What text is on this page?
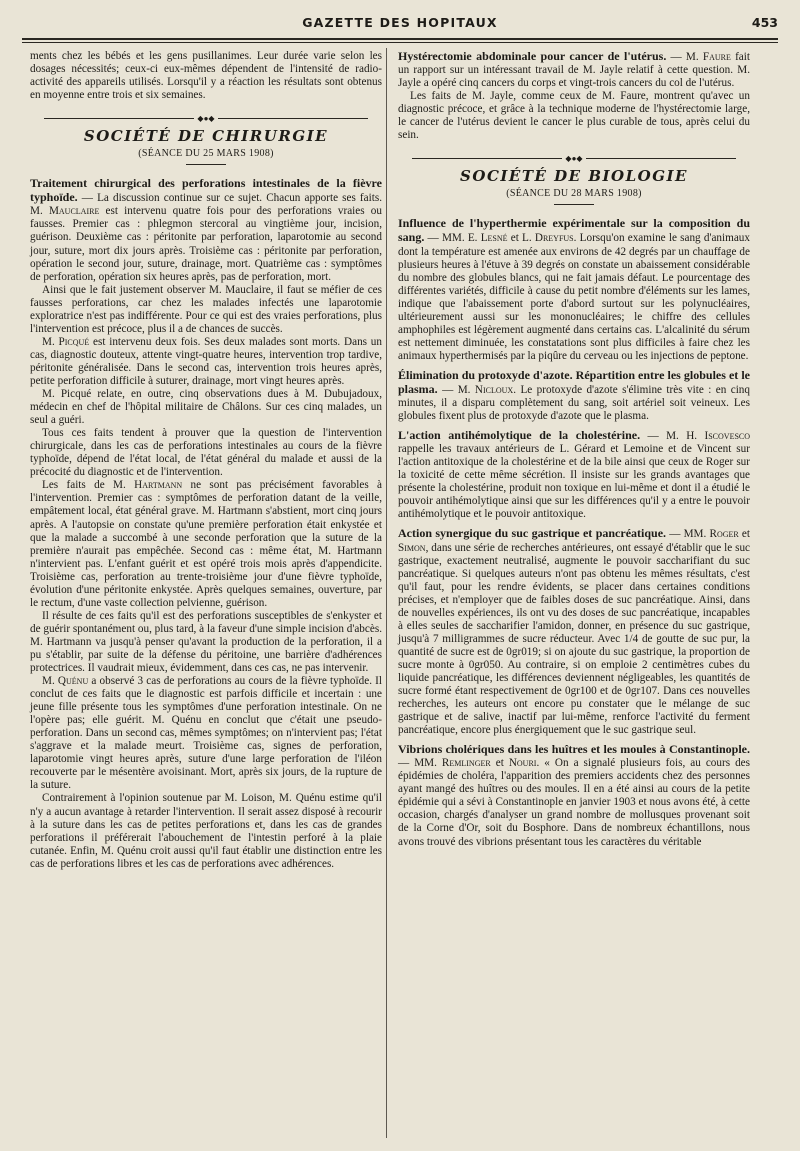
GAZETTE DES HOPITAUX	453

ments chez les bébés et les gens pusillanimes. Leur durée varie selon les dosages nécessités; ceux-ci eux-mêmes dépendent de l'intensité de radio-activité des appareils utilisés. Lorsqu'il y a réaction les résultats sont obtenus en moyenne entre trois et six semaines.

◆●◆
SOCIÉTÉ DE CHIRURGIE
(SÉANCE DU 25 MARS 1908)

Traitement chirurgical des perforations intestinales de la fièvre typhoïde. — La discussion continue sur ce sujet. Chacun apporte ses faits. M. Mauclaire est intervenu quatre fois pour des perforations vraies ou fausses. Premier cas : phlegmon stercoral au vingtième jour, incision, guérison. Deuxième cas : péritonite par perforation, laparotomie au second jour, suture, mort dix jours après. Troisième cas : péritonite par perforation, opération le second jour, suture, drainage, mort. Quatrième cas : symptômes de perforation, opération six heures après, pas de perforation, mort.

Ainsi que le fait justement observer M. Mauclaire, il faut se méfier de ces fausses perforations, car chez les malades infectés une laparotomie exploratrice n'est pas indifférente. Pour ce qui est des vraies perforations, plus l'intervention est précoce, plus il a de chances de succès.

M. Picqué est intervenu deux fois. Ses deux malades sont morts. Dans un cas, diagnostic douteux, attente vingt-quatre heures, intervention trop tardive, péritonite généralisée. Dans le second cas, intervention trois heures après, petite perforation difficile à suturer, drainage, mort vingt heures après.

M. Picqué relate, en outre, cinq observations dues à M. Dubujadoux, médecin en chef de l'hôpital militaire de Châlons. Sur ces cinq malades, un seul a guéri.

Tous ces faits tendent à prouver que la question de l'intervention chirurgicale, dans les cas de perforations intestinales au cours de la fièvre typhoïde, dépend de l'état local, de l'état général du malade et aussi de la précocité du diagnostic et de l'intervention.

Les faits de M. Hartmann ne sont pas précisément favorables à l'intervention. Premier cas : symptômes de perforation datant de la veille, empâtement local, état général grave. M. Hartmann s'abstient, mort cinq jours après. A l'autopsie on constate qu'une première perforation était enkystée et que la malade a succombé à une seconde perforation que la suture de la première n'aurait pas empêchée. Second cas : même état, M. Hartmann n'intervient pas. L'enfant guérit et est opéré trois mois après d'appendicite. Troisième cas, perforation au trente-troisième jour d'une fièvre typhoïde, évolution d'une péritonite enkystée. Après quelques semaines, ouverture, par le rectum, d'une vaste collection pelvienne, guérison.

Il résulte de ces faits qu'il est des perforations susceptibles de s'enkyster et de guérir spontanément ou, plus tard, à la faveur d'une simple incision d'abcès. M. Hartmann va jusqu'à penser qu'avant la production de la perforation, il a pu s'établir, par suite de la défense du péritoine, une barrière d'adhérences protectrices. Il vaudrait mieux, évidemment, dans ces cas, ne pas intervenir.

M. Quénu a observé 3 cas de perforations au cours de la fièvre typhoïde. Il conclut de ces faits que le diagnostic est parfois difficile et incertain : une jeune fille présente tous les symptômes d'une perforation intestinale. On ne l'opère pas; elle guérit. M. Quénu en conclut que c'était une pseudo-perforation. Dans un second cas, mêmes symptômes; on n'intervient pas; l'état s'aggrave et la malade meurt. Troisième cas, signes de perforation, laparotomie vingt heures après, suture d'une large perforation de l'iléon recouverte par le mésentère avoisinant. Mort, après six jours, de la rupture de la suture.

Contrairement à l'opinion soutenue par M. Loison, M. Quénu estime qu'il n'y a aucun avantage à retarder l'intervention. Il serait assez disposé à recourir à la suture dans les cas de petites perforations et, dans les cas de grandes perforations il préférerait l'abouchement de l'intestin perforé à la plaie cutanée. Enfin, M. Quénu croit aussi qu'il faut établir une distinction entre les cas de perforations libres et les cas de perforations avec adhérences.

Hystérectomie abdominale pour cancer de l'utérus. — M. Faure fait un rapport sur un intéressant travail de M. Jayle relatif à cette question. M. Jayle a opéré cinq cancers du corps et vingt-trois cancers du col de l'utérus.

Les faits de M. Jayle, comme ceux de M. Faure, montrent qu'avec un diagnostic précoce, et grâce à la technique moderne de l'hystérectomie large, le cancer de l'utérus devient le cancer le plus curable de tous, après celui du sein.

◆●◆
SOCIÉTÉ DE BIOLOGIE
(SÉANCE DU 28 MARS 1908)

Influence de l'hyperthermie expérimentale sur la composition du sang. — MM. E. Lesné et L. Dreyfus. Lorsqu'on examine le sang d'animaux dont la température est amenée aux environs de 42 degrés par un chauffage de plusieurs heures à l'étuve à 39 degrés on constate un abaissement considérable du nombre des globules blancs, qui ne fait jamais défaut. Le pourcentage des différentes variétés, difficile à cause du petit nombre d'éléments sur les lames, indique que l'abaissement porte d'abord surtout sur les polynucléaires, ultérieurement aussi sur les mononucléaires; le chiffre des cellules amphophiles est légèrement augmenté dans certains cas. L'alcalinité du sérum est nettement diminuée, les constatations sont plus difficiles à faire chez les animaux hyperthermisés par la piqûre du cerveau ou les injections de peptone.

Élimination du protoxyde d'azote. Répartition entre les globules et le plasma. — M. Nicloux. Le protoxyde d'azote s'élimine très vite : en cinq minutes, il a disparu complètement du sang, soit artériel soit veineux. Les globules fixent plus de protoxyde d'azote que le plasma.

L'action antihémolytique de la cholestérine. — M. H. Iscovesco rappelle les travaux antérieurs de L. Gérard et Lemoine et de Vincent sur l'action antitoxique de la cholestérine et de la bile ainsi que ceux de Roger sur la toxicité de cette même sécrétion. Il insiste sur les grands avantages que présente la cholestérine, produit non toxique en lui-même et dont il a étudié le pouvoir antihémolytique ainsi que sur les différences qu'il y a entre le pouvoir antihémolytique et le pouvoir antitoxique.

Action synergique du suc gastrique et pancréatique. — MM. Roger et Simon, dans une série de recherches antérieures, ont essayé d'établir que le suc gastrique, exactement neutralisé, augmente le pouvoir saccharifiant du suc pancréatique. Si quelques auteurs n'ont pas obtenu les mêmes résultats, c'est qu'il faut, pour les rendre évidents, se placer dans certaines conditions précises, et n'employer que de faibles doses de suc pancréatique. Ainsi, dans de nouvelles expériences, ils ont vu des doses de suc pancréatique, incapables à elles seules de saccharifier l'amidon, donner, en présence du suc gastrique, jusqu'à 7 milligrammes de sucre réducteur. Avec 1/4 de goutte de suc pur, la quantité de sucre est de 0gr019; si on ajoute du suc gastrique, la proportion de sucre monte à 0gr050. Au contraire, si on emploie 2 centimètres cubes du liquide pancréatique, les différences deviennent négligeables, les quantités de sucre formé étant respectivement de 0gr100 et de 0gr107. Dans ces nouvelles recherches, les auteurs ont encore pu constater que le mélange de suc gastrique et de salive, inactif par lui-même, renforce l'activité du ferment pancréatique, encore plus énergiquement que le suc gastrique seul.

Vibrions cholériques dans les huîtres et les moules à Constantinople. — MM. Remlinger et Nouri. « On a signalé plusieurs fois, au cours des épidémies de choléra, l'apparition des premiers accidents chez des personnes ayant mangé des huîtres ou des moules. Il en a été ainsi au cours de la petite épidémie qui a sévi à Constantinople en janvier 1903 et nous avons été, à cette occasion, chargés d'analyser un grand nombre de mollusques provenant soit de la Corne d'Or, soit du Bosphore. Dans de nombreux échantillons, nous avons trouvé des vibrions présentant tous les caractères du véritable
